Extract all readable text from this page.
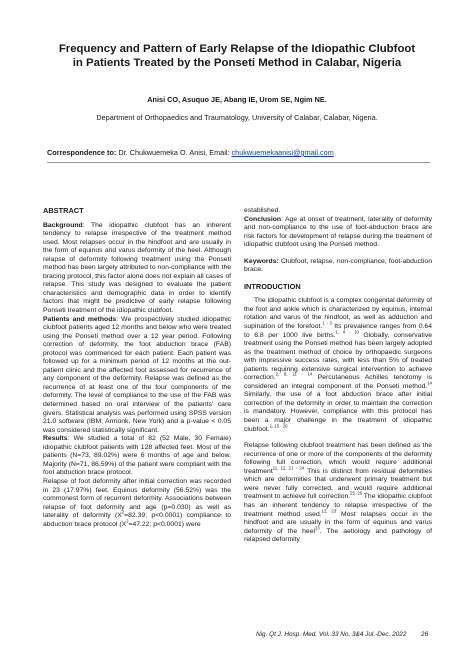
Frequency and Pattern of Early Relapse of the Idiopathic Clubfoot
in Patients Treated by the Ponseti Method in Calabar, Nigeria
Anisi CO, Asuquo JE, Abang IE, Urom SE, Ngim NE.
Department of Orthopaedics and Traumatology, University of Calabar, Calabar, Nigeria.
Correspondence to: Dr. Chukwuemeka O. Anisi, Email: chukwuemekaanisi@gmail.com
ABSTRACT

Background: The idiopathic clubfoot has an inherent tendency to relapse irrespective of the treatment method used. Most relapses occur in the hindfoot and are usually in the form of equinus and varus deformity of the heel. Although relapse of deformity following treatment using the Ponseti method has been largely attributed to non-compliance with the bracing protocol, this factor alone does not explain all cases of relapse. This study was designed to evaluate the patient characteristics and demographic data in order to identify factors that might be predictive of early relapse following Ponseti treatment of the idiopathic clubfoot.

Patients and methods: We prospectively studied idiopathic clubfoot patients aged 12 months and below who were treated using the Ponseti method over a 12 year period. Following correction of deformity, the foot abduction brace (FAB) protocol was commenced for each patient. Each patient was followed up for a minimum period of 12 months at the out-patient clinic and the affected foot assessed for recurrence of any component of the deformity. Relapse was defined as the recurrence of at least one of the four components of the deformity. The level of compliance to the use of the FAB was determined based on oral interview of the patients' care givers. Statistical analysis was performed using SPSS version 21.0 software (IBM; Armonk, New York) and a p-value < 0.05 was considered statistically significant.

Results: We studied a total of 82 (52 Male, 30 Female) idiopathic clubfoot patients with 128 affected feet. Most of the patients (N=73, 89.02%) were 6 months of age and below. Majority (N=71, 86.59%) of the patient were compliant with the foot abduction brace protocol.

Relapse of foot deformity after initial correction was recorded in 23 (17.97%) feet. Equinus deformity (56.52%) was the commonest form of recurrent deformity. Associations between relapse of foot deformity and age (p=0.030) as well as laterality of deformity ($X^2=82.39$; p<0.0001) compliance to abduction brace protocol ($X^2=47.22$; p<0.0001) were

established.

Conclusion: Age at onset of treatment, laterality of deformity and non-compliance to the use of foot-abduction brace are risk factors for development of relapse during the treatment of idiopathic clubfoot using the Ponseti method.

Keywords: Clubfoot, relapse, non-compliance, foot-abduction brace.

INTRODUCTION

The idiopathic clubfoot is a complex congenital deformity of the foot and ankle which is characterized by equinus, internal rotation and varus of the hindfoot, as well as adduction and supination of the forefoot.$^{1 - 3}$ Its prevalence ranges from 0.64 to 6.8 per 1000 live births.$^{1, 4 - 10}$ Globally, conservative treatment using the Ponseti method has been largely adopted as the treatment method of choice by orthopaedic surgeons with impressive success rates, with less than 5% of treated patients requiring extensive surgical intervention to achieve correction.$^{2, 8, 11 - 14}$ Percutaneous Achilles tenotomy is considered an integral component of the Ponseti method.$^{14}$ Similarly, the use of a foot abduction brace after initial correction of the deformity in order to maintain the correction is mandatory. However, compliance with this protocol has been a major challenge in the treatment of idiopathic clubfoot.$^{1, 15 - 20}$

Relapse following clubfoot treatment has been defined as the recurrence of one or more of the components of the deformity following full correction, which would require additional treatment$^{11, 12, 21 - 24}$ This is distinct from residual deformities which are deformities that underwent primary treatment but were never fully corrected, and would require additional treatment to achieve full correction.$^{25, 26}$ The idiopathic clubfoot has an inherent tendency to relapse irrespective of the treatment method used.$^{12, 23}$ Most relapses occur in the hindfoot and are usually in the form of equinus and varus deformity of the heel$^{23}$. The aetiology and pathology of relapsed deformity

Nig. Qt J. Hosp. Med. Vol. 33 No. 3&4 Jul.-Dec. 2022	26
